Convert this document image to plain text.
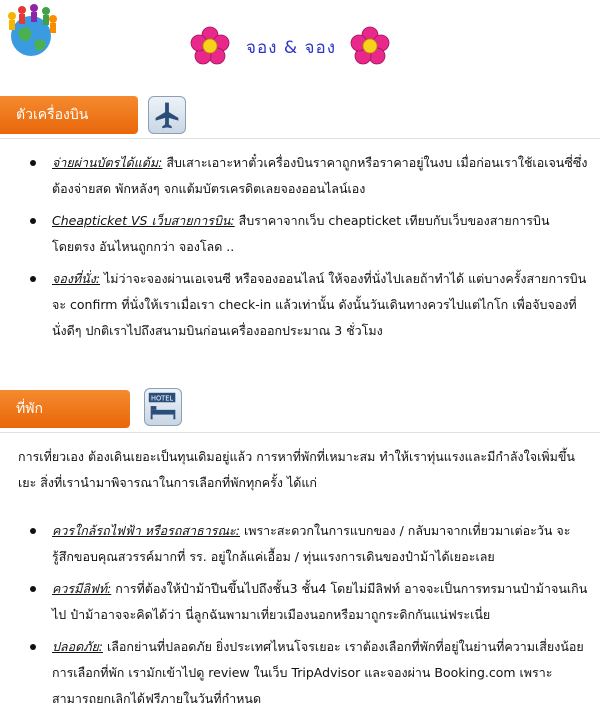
จอง & จอง
ตัวเครื่องบิน
จ่ายผ่านบัตรได้แต้ม: สืบเสาะเอาะหาตั๋วเครื่องบินราคาถูกหรือราคาอยู่ในงบ เมื่อก่อนเราใช้เอเจนซี่ซึ่งต้องจ่ายสด พักหลังๆ จกแต้มบัตรเครดิตเลยจองออนไลน์เอง
Cheapticket VS เว็บสายการบิน: สืบราคาจากเว็บ cheapticket เทียบกับเว็บของสายการบินโดยตรง อันไหนถูกกว่า จองโลด ..
จองที่นั่ง: ไม่ว่าจะจองผ่านเอเจนซี หรือจองออนไลน์ ให้จองที่นั่งไปเลยถ้าทำได้ แต่บางครั้งสายการบินจะ confirm ที่นั่งให้เราเมื่อเรา check-in แล้วเท่านั้น ดังนั้นวันเดินทางควรไปแต่ไกโก เพื่อจับจองที่นั่งดีๆ ปกติเราไปถึงสนามบินก่อนเครื่องออกประมาณ 3 ชั่วโมง
ที่พัก
HOTEL

การเที่ยวเอง ต้องเดินเยอะเป็นทุนเดิมอยู่แล้ว การหาที่พักที่เหมาะสม ทำให้เราทุ่นแรงและมีกำลังใจเพิ่มขึ้นเยะ สิ่งที่เรานำมาพิจารณาในการเลือกที่พักทุกครั้ง ได้แก่

ควรใกล้รถไฟฟ้า หรือรถสาธารณะ: เพราะสะดวกในการแบกของ / กลับมาจากเที่ยวมาเต่อะวัน จะรู้สึกขอบคุณสวรรค์มากที่ รร. อยู่ใกล้แค่เอื้อม / ทุ่นแรงการเดินของป๋าม้าได้เยอะเลย
ควรมีลิฟท์: การที่ต้องให้ป๋าม้าปีนขึ้นไปถึงชั้น3 ชั้น4 โดยไม่มีลิฟท์ อาจจะเป็นการทรมานป๋าม้าจนเกินไป ป๋าม้าอาจจะคิดได้ว่า นี่ลูกฉันพามาเที่ยวเมืองนอกหรือมาถูกระดิกกันแน่ฟระเนี่ย
ปลอดภัย: เลือกย่านที่ปลอดภัย ยิ่งประเทศไหนโจรเยอะ เราต้องเลือกที่พักที่อยู่ในย่านที่ความเสี่ยงน้อย การเลือกที่พัก เรามักเข้าไปดู review ในเว็บ TripAdvisor และจองผ่าน Booking.com เพราะสามารถยกเลิกได้ฟรีภายในวันที่กำหนด
